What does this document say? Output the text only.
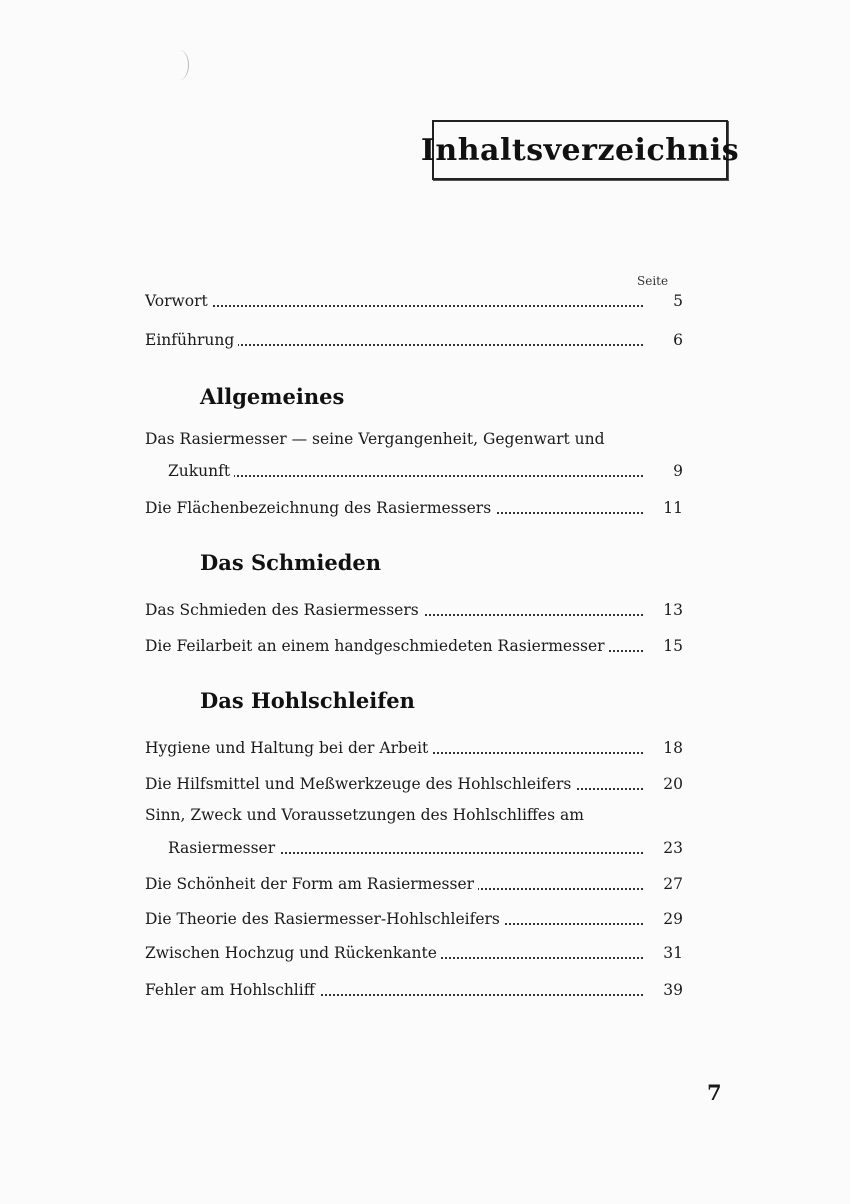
Inhaltsverzeichnis
Seite
Vorwort	5
Einführung	6
Allgemeines
Das Rasiermesser — seine Vergangenheit, Gegenwart und
Zukunft	9
Die Flächenbezeichnung des Rasiermessers	11
Das Schmieden
Das Schmieden des Rasiermessers	13
Die Feilarbeit an einem handgeschmiedeten Rasiermesser	15
Das Hohlschleifen
Hygiene und Haltung bei der Arbeit	18
Die Hilfsmittel und Meßwerkzeuge des Hohlschleifers	20
Sinn, Zweck und Voraussetzungen des Hohlschliffes am
Rasiermesser	23
Die Schönheit der Form am Rasiermesser	27
Die Theorie des Rasiermesser-Hohlschleifers	29
Zwischen Hochzug und Rückenkante	31
Fehler am Hohlschliff	39
7
